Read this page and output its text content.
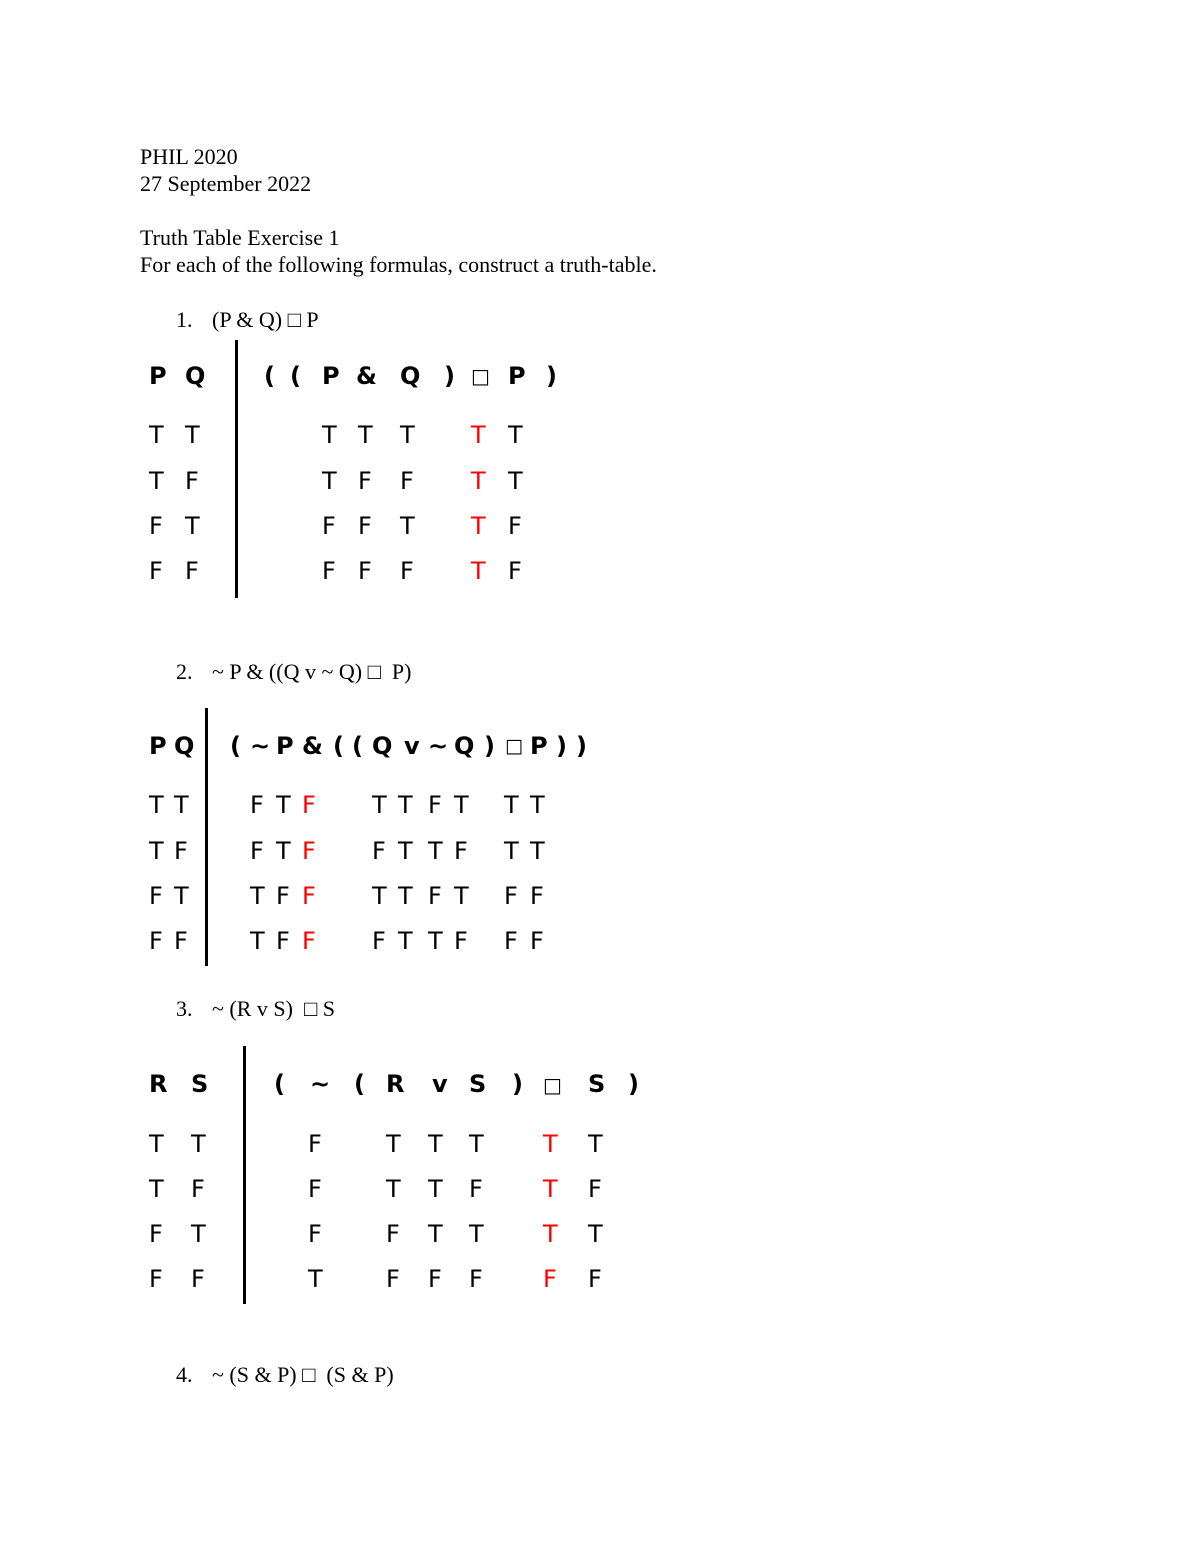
PHIL 2020
27 September 2022
Truth Table Exercise 1
For each of the following formulas, construct a truth-table.
1. (P & Q) □ P
P Q ( ( P & Q ) □ P )
T T	T T T T T
T F	T F F T T
F T	F F T T F
F F	F F F T F
2. ~ P & ((Q v ~ Q) □  P)
P Q ( ~ P & ( ( Q v ~ Q ) □ P ) )
T T	F T F T T F T T T
T F	F T F F T T F T T
F T	T F F T T F T F F
F F	T F F F T T F F F
3. ~ (R v S)  □ S
R S	( ~ ( R v S ) □ S )
T T	F	T T T T T
T F	F	T T F	T F
F T	F	F T T T T
F F	T	F F F	F F
4. ~ (S & P) □  (S & P)
